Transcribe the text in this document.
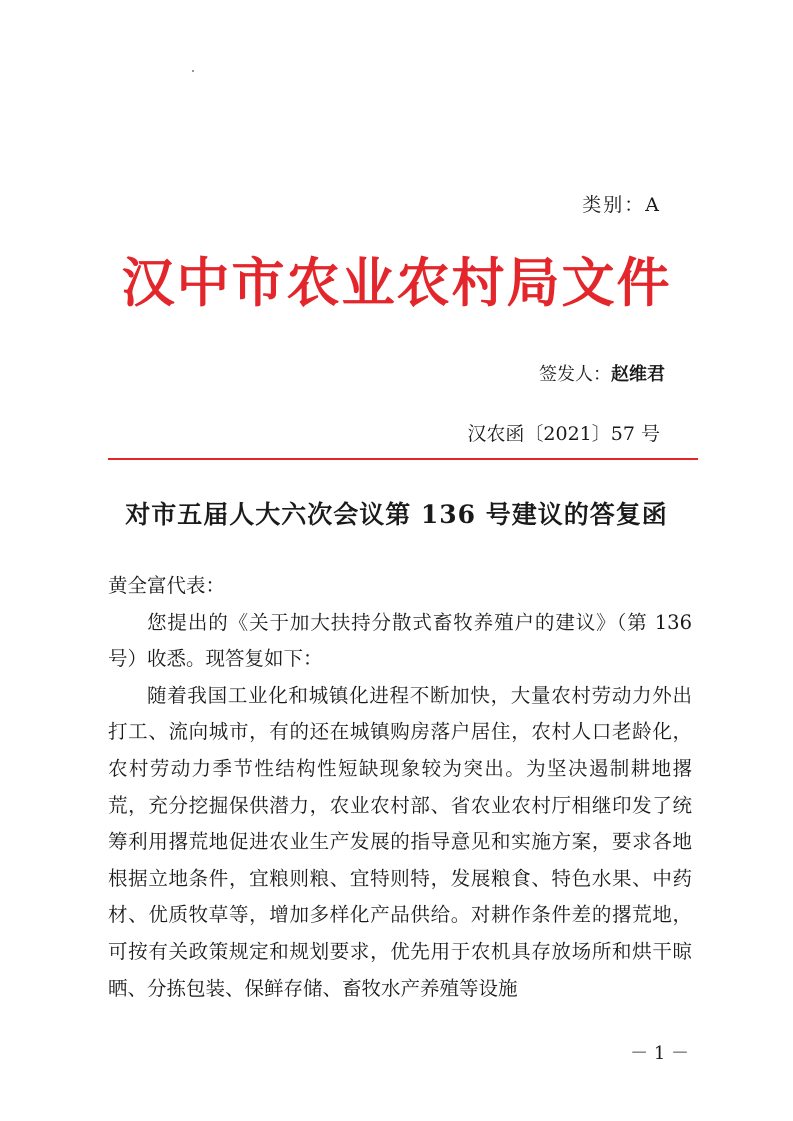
类别：A
汉中市农业农村局文件
签发人：赵维君
汉农函〔2021〕57 号
对市五届人大六次会议第 136 号建议的答复函

黄全富代表：

您提出的《关于加大扶持分散式畜牧养殖户的建议》（第 136 号）收悉。现答复如下：

随着我国工业化和城镇化进程不断加快，大量农村劳动力外出打工、流向城市，有的还在城镇购房落户居住，农村人口老龄化，农村劳动力季节性结构性短缺现象较为突出。为坚决遏制耕地撂荒，充分挖掘保供潜力，农业农村部、省农业农村厅相继印发了统筹利用撂荒地促进农业生产发展的指导意见和实施方案，要求各地根据立地条件，宜粮则粮、宜特则特，发展粮食、特色水果、中药材、优质牧草等，增加多样化产品供给。对耕作条件差的撂荒地，可按有关政策规定和规划要求，优先用于农机具存放场所和烘干晾晒、分拣包装、保鲜存储、畜牧水产养殖等设施

－ 1 －
